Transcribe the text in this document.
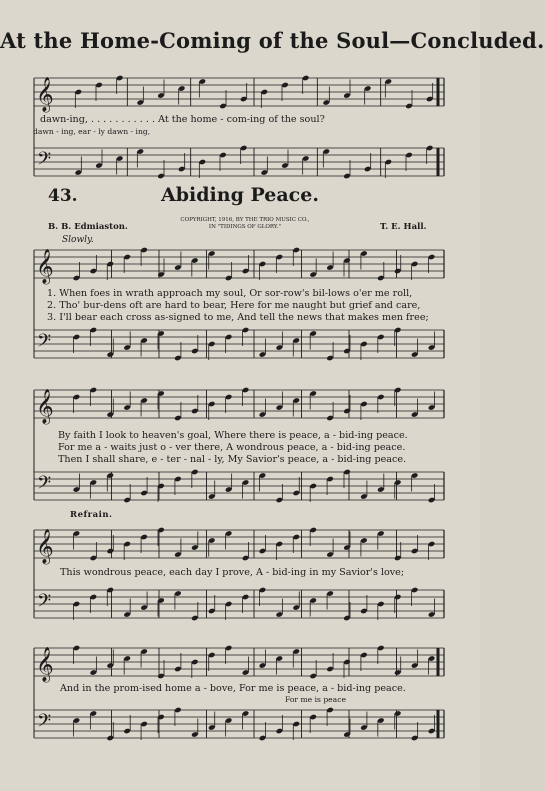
At the Home-Coming of the Soul—Concluded.
𝄞
𝄢
𝄞
𝄢
𝄞
𝄢
𝄞
𝄢
𝄞
𝄢
dawn-ing, . . . . . . . . . . . At the home - com-ing of the soul?
dawn - ing, ear - ly dawn - ing,
43.	Abiding Peace.
B. B. Edmiaston.
COPYRIGHT, 1916, BY THE TRIO MUSIC CO.,
IN "TIDINGS OF GLORY."	T. E. Hall.
Slowly.
1. When foes in wrath approach my soul, Or sor-row's bil-lows o'er me roll,
2. Tho' bur-dens oft are hard to bear, Here for me naught but grief and care,
3. I'll bear each cross as-signed to me, And tell the news that makes men free;
By faith I look to heaven's goal, Where there is peace, a - bid-ing peace.
For me a - waits just o - ver there, A wondrous peace, a - bid-ing peace.
Then I shall share, e - ter - nal - ly, My Savior's peace, a - bid-ing peace.
Refrain.
This wondrous peace, each day I prove, A - bid-ing in my Savior's love;
And in the prom-ised home a - bove, For me is peace, a - bid-ing peace.
For me is peace
